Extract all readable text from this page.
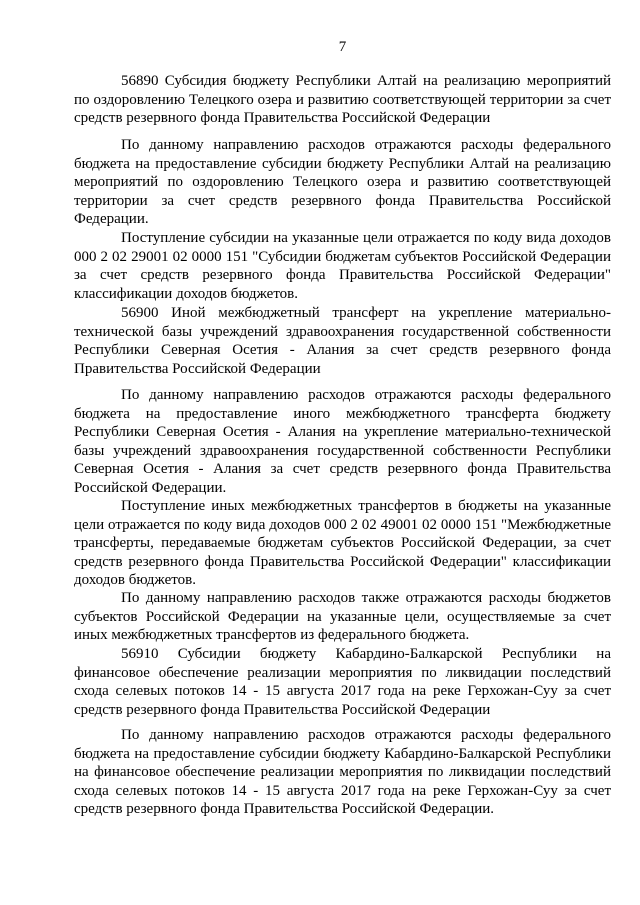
7

56890 Субсидия бюджету Республики Алтай на реализацию мероприятий по оздоровлению Телецкого озера и развитию соответствующей территории за счет средств резервного фонда Правительства Российской Федерации

По данному направлению расходов отражаются расходы федерального бюджета на предоставление субсидии бюджету Республики Алтай на реализацию мероприятий по оздоровлению Телецкого озера и развитию соответствующей территории за счет средств резервного фонда Правительства Российской Федерации.

Поступление субсидии на указанные цели отражается по коду вида доходов 000 2 02 29001 02 0000 151 "Субсидии бюджетам субъектов Российской Федерации за счет средств резервного фонда Правительства Российской Федерации" классификации доходов бюджетов.

56900 Иной межбюджетный трансферт на укрепление материально-технической базы учреждений здравоохранения государственной собственности Республики Северная Осетия - Алания за счет средств резервного фонда Правительства Российской Федерации

По данному направлению расходов отражаются расходы федерального бюджета на предоставление иного межбюджетного трансферта бюджету Республики Северная Осетия - Алания на укрепление материально-технической базы учреждений здравоохранения государственной собственности Республики Северная Осетия - Алания за счет средств резервного фонда Правительства Российской Федерации.

Поступление иных межбюджетных трансфертов в бюджеты на указанные цели отражается по коду вида доходов 000 2 02 49001 02 0000 151 "Межбюджетные трансферты, передаваемые бюджетам субъектов Российской Федерации, за счет средств резервного фонда Правительства Российской Федерации" классификации доходов бюджетов.

По данному направлению расходов также отражаются расходы бюджетов субъектов Российской Федерации на указанные цели, осуществляемые за счет иных межбюджетных трансфертов из федерального бюджета.

56910 Субсидии бюджету Кабардино-Балкарской Республики на финансовое обеспечение реализации мероприятия по ликвидации последствий схода селевых потоков 14 - 15 августа 2017 года на реке Герхожан-Суу за счет средств резервного фонда Правительства Российской Федерации

По данному направлению расходов отражаются расходы федерального бюджета на предоставление субсидии бюджету Кабардино-Балкарской Республики на финансовое обеспечение реализации мероприятия по ликвидации последствий схода селевых потоков 14 - 15 августа 2017 года на реке Герхожан-Суу за счет средств резервного фонда Правительства Российской Федерации.
